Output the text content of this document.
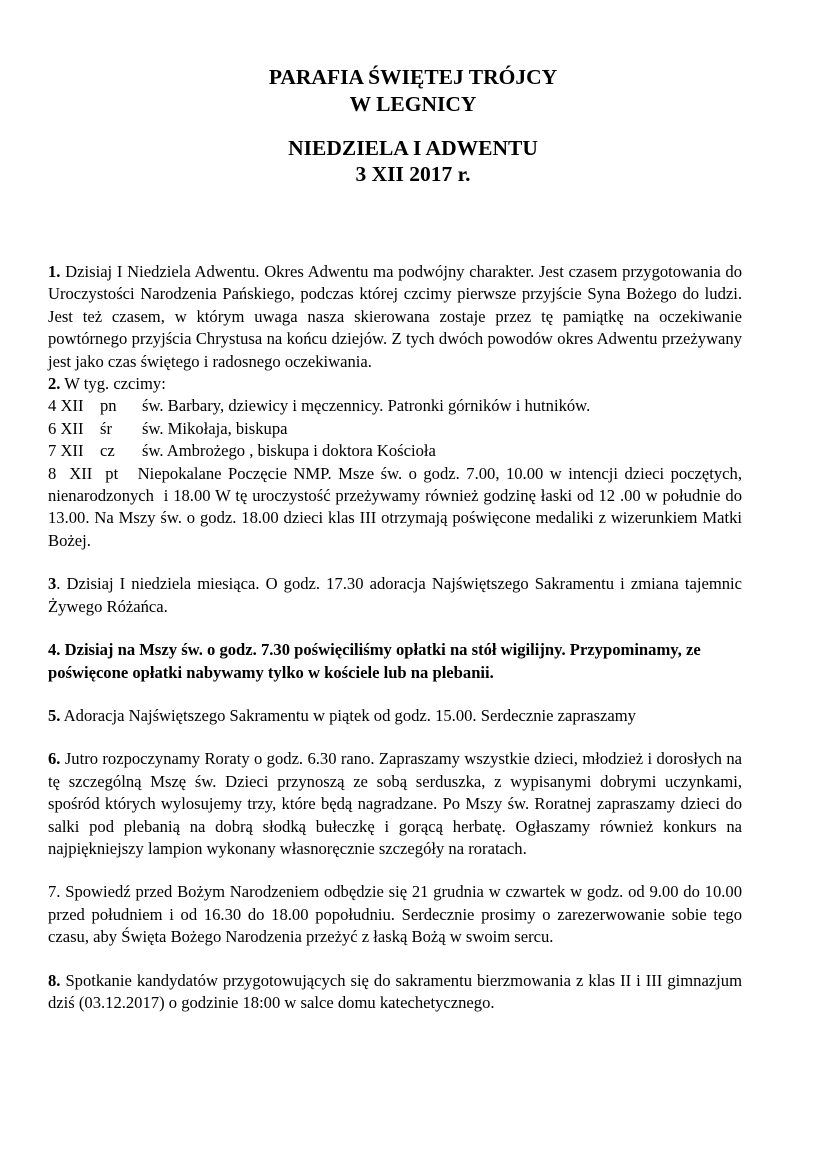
PARAFIA ŚWIĘTEJ TRÓJCY
W LEGNICY
NIEDZIELA I ADWENTU
3 XII 2017 r.

1. Dzisiaj I Niedziela Adwentu. Okres Adwentu ma podwójny charakter. Jest czasem przygotowania do Uroczystości Narodzenia Pańskiego, podczas której czcimy pierwsze przyjście Syna Bożego do ludzi. Jest też czasem, w którym uwaga nasza skierowana zostaje przez tę pamiątkę na oczekiwanie powtórnego przyjścia Chrystusa na końcu dziejów. Z tych dwóch powodów okres Adwentu przeżywany jest jako czas świętego i radosnego oczekiwania.

2. W tyg. czcimy:

4 XII pn św. Barbary, dziewicy i męczennicy. Patronki górników i hutników.
6 XII śr św. Mikołaja, biskupa
7 XII cz św. Ambrożego , biskupa i doktora Kościoła

8  XII  pt   Niepokalane Poczęcie NMP. Msze św. o godz. 7.00, 10.00 w intencji dzieci poczętych, nienarodzonych  i 18.00 W tę uroczystość przeżywamy również godzinę łaski od 12 .00 w południe do 13.00. Na Mszy św. o godz. 18.00 dzieci klas III otrzymają poświęcone medaliki z wizerunkiem Matki Bożej.

3. Dzisiaj I niedziela miesiąca. O godz. 17.30 adoracja Najświętszego Sakramentu i zmiana tajemnic Żywego Różańca.

4. Dzisiaj na Mszy św. o godz. 7.30 poświęciliśmy opłatki na stół wigilijny. Przypominamy, ze poświęcone opłatki nabywamy tylko w kościele lub na plebanii.

5. Adoracja Najświętszego Sakramentu w piątek od godz. 15.00. Serdecznie zapraszamy

6. Jutro rozpoczynamy Roraty o godz. 6.30 rano. Zapraszamy wszystkie dzieci, młodzież i dorosłych na tę szczególną Mszę św. Dzieci przynoszą ze sobą serduszka, z wypisanymi dobrymi uczynkami, spośród których wylosujemy trzy, które będą nagradzane. Po Mszy św. Roratnej zapraszamy dzieci do salki pod plebanią na dobrą słodką bułeczkę i gorącą herbatę. Ogłaszamy również konkurs na najpiękniejszy lampion wykonany własnoręcznie szczegóły na roratach.

7. Spowiedź przed Bożym Narodzeniem odbędzie się 21 grudnia w czwartek w godz. od 9.00 do 10.00 przed południem i od 16.30 do 18.00 popołudniu. Serdecznie prosimy o zarezerwowanie sobie tego czasu, aby Święta Bożego Narodzenia przeżyć z łaską Bożą w swoim sercu.

8. Spotkanie kandydatów przygotowujących się do sakramentu bierzmowania z klas II i III gimnazjum dziś (03.12.2017) o godzinie 18:00 w salce domu katechetycznego.
